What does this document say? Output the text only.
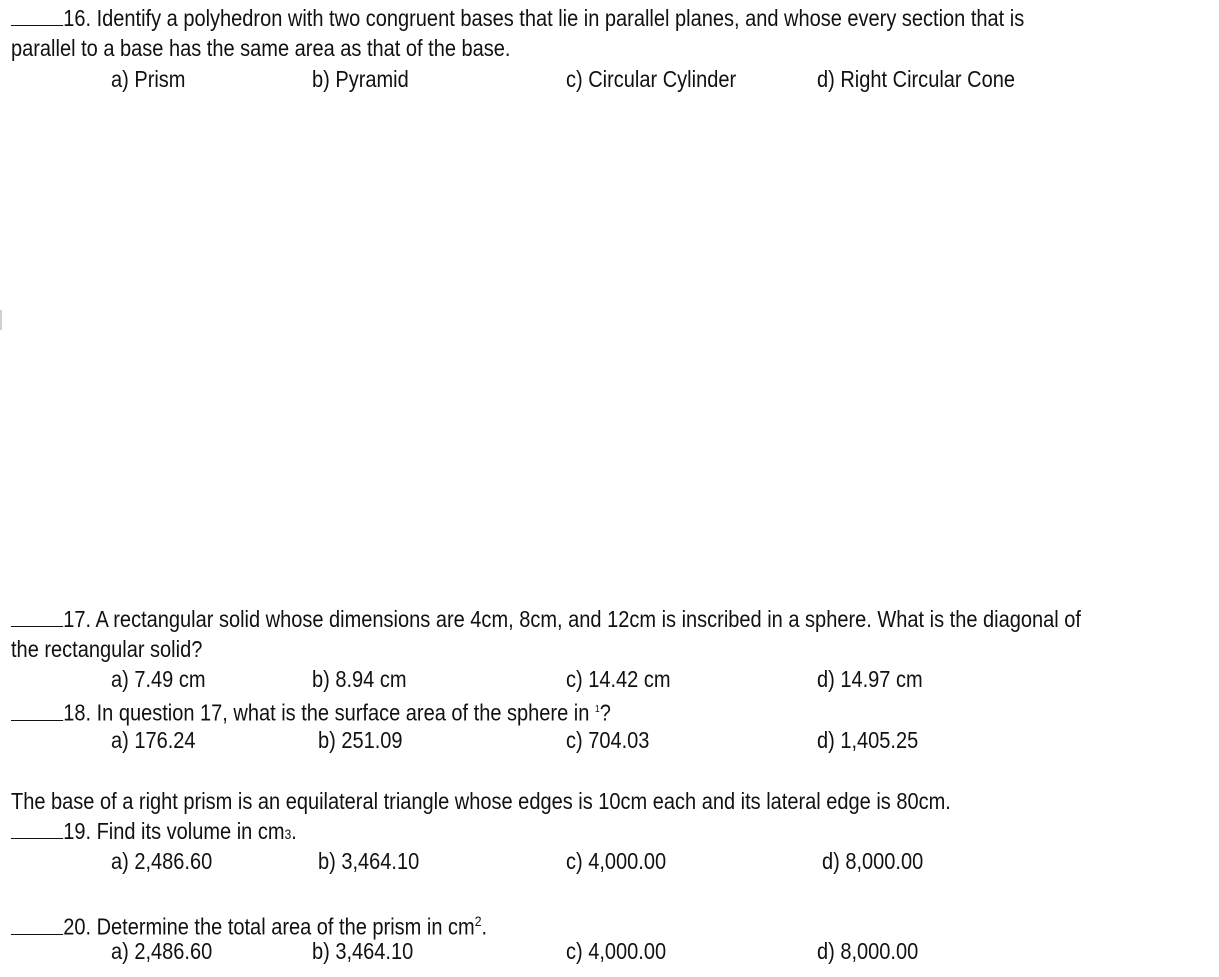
16. Identify a polyhedron with two congruent bases that lie in parallel planes, and whose every section that is
parallel to a base has the same area as that of the base.
a) Prism	b) Pyramid	c) Circular Cylinder	d) Right Circular Cone
17. A rectangular solid whose dimensions are 4cm, 8cm, and 12cm is inscribed in a sphere. What is the diagonal of
the rectangular solid?
a) 7.49 cm	b) 8.94 cm	c) 14.42 cm	d) 14.97 cm
18. In question 17, what is the surface area of the sphere in $^1$?
a) 176.24	b) 251.09	c) 704.03	d) 1,405.25
The base of a right prism is an equilateral triangle whose edges is 10cm each and its lateral edge is 80cm.
19. Find its volume in cm3.
a) 2,486.60	b) 3,464.10	c) 4,000.00	d) 8,000.00
20. Determine the total area of the prism in $cm^2$.
a) 2,486.60	b) 3,464.10	c) 4,000.00	d) 8,000.00
